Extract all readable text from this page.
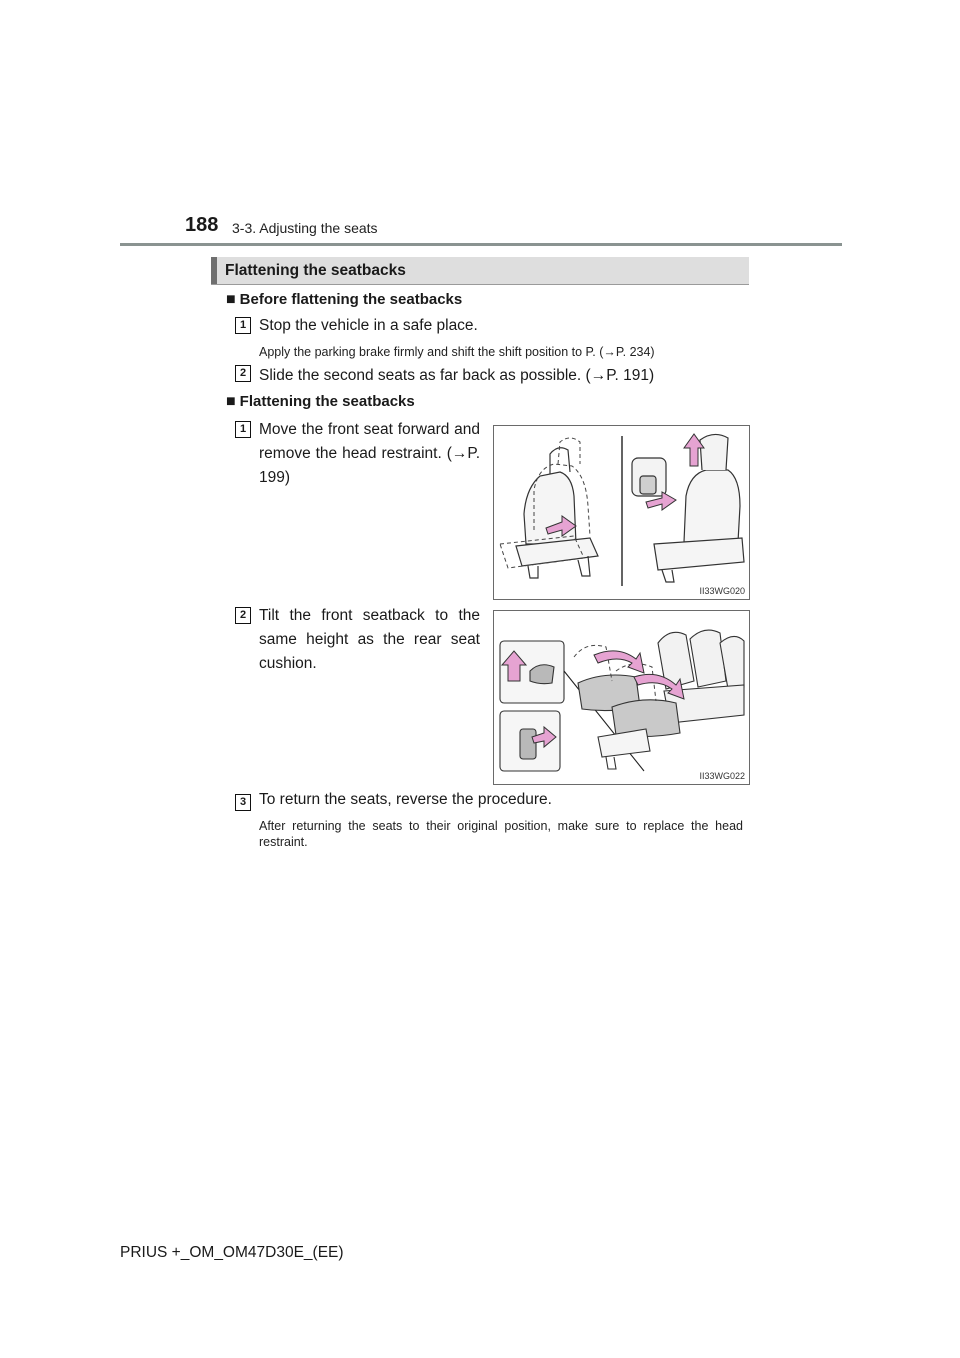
188 3-3. Adjusting the seats
Flattening the seatbacks
■ Before flattening the seatbacks
1 Stop the vehicle in a safe place.
Apply the parking brake firmly and shift the shift position to P. (→P. 234)
2 Slide the second seats as far back as possible. (→P. 191)
■ Flattening the seatbacks
1 Move the front seat forward and remove the head restraint. (→P. 199)
II33WG020
2 Tilt the front seatback to the same height as the rear seat cushion.
II33WG022
3 To return the seats, reverse the procedure.
After returning the seats to their original position, make sure to replace the head restraint.
PRIUS +_OM_OM47D30E_(EE)
